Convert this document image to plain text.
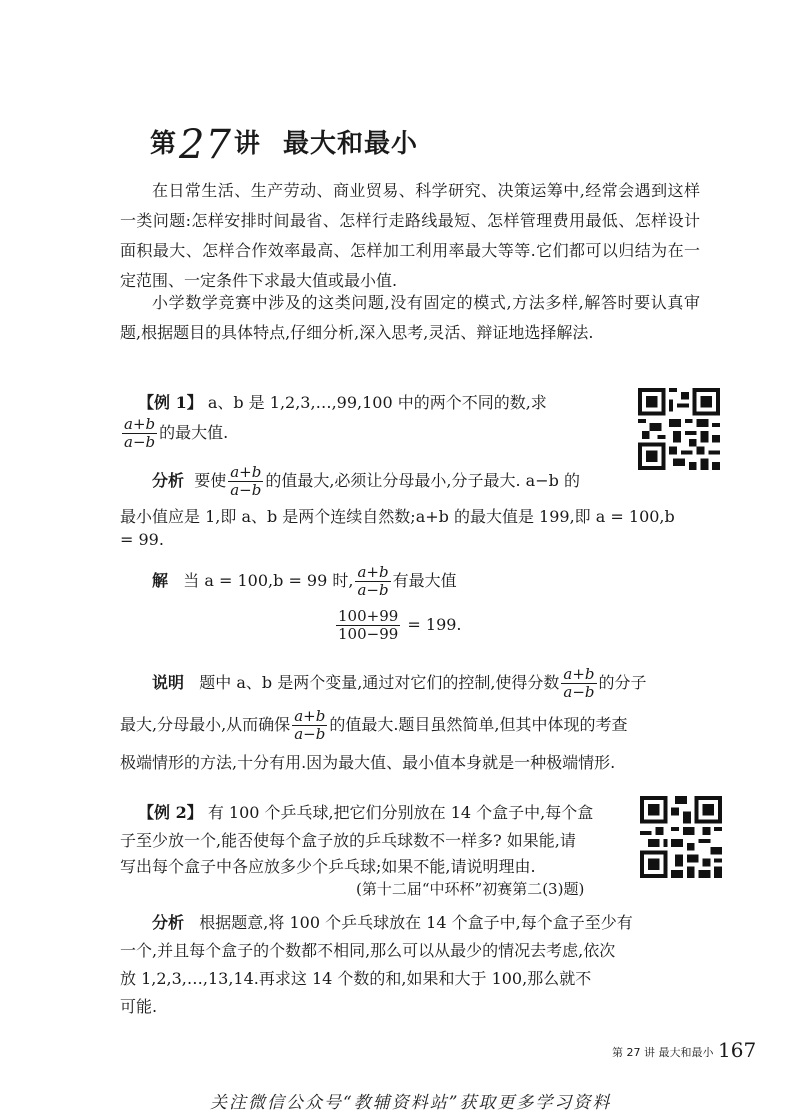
第27讲 最大和最小
在日常生活、生产劳动、商业贸易、科学研究、决策运筹中,经常会遇到这样一类问题:怎样安排时间最省、怎样行走路线最短、怎样管理费用最低、怎样设计面积最大、怎样合作效率最高、怎样加工利用率最大等等.它们都可以归结为在一定范围、一定条件下求最大值或最小值.
小学数学竞赛中涉及的这类问题,没有固定的模式,方法多样,解答时要认真审题,根据题目的具体特点,仔细分析,深入思考,灵活、辩证地选择解法.
【例 1】 a、b 是 1,2,3,…,99,100 中的两个不同的数,求
$\frac{a+b}{a-b}$ 的最大值.
分析 要使 $\frac{a+b}{a-b}$ 的值最大,必须让分母最小,分子最大. a−b 的
最小值应是 1,即 a、b 是两个连续自然数;a+b 的最大值是 199,即 a = 100,b
= 99.
解 当 a = 100,b = 99 时, $\frac{a+b}{a-b}$ 有最大值
$\frac{100+99}{100-99} = 199$.
说明 题中 a、b 是两个变量,通过对它们的控制,使得分数 $\frac{a+b}{a-b}$ 的分子
最大,分母最小,从而确保 $\frac{a+b}{a-b}$ 的值最大.题目虽然简单,但其中体现的考查
极端情形的方法,十分有用.因为最大值、最小值本身就是一种极端情形.
【例 2】 有 100 个乒乓球,把它们分别放在 14 个盒子中,每个盒
子至少放一个,能否使每个盒子放的乒乓球数不一样多? 如果能,请
写出每个盒子中各应放多少个乒乓球;如果不能,请说明理由.
(第十二届“中环杯”初赛第二(3)题)
分析 根据题意,将 100 个乒乓球放在 14 个盒子中,每个盒子至少有
一个,并且每个盒子的个数都不相同,那么可以从最少的情况去考虑,依次
放 1,2,3,…,13,14.再求这 14 个数的和,如果和大于 100,那么就不
可能.
第 27 讲 最大和最小 167
关注微信公众号“教辅资料站”获取更多学习资料
